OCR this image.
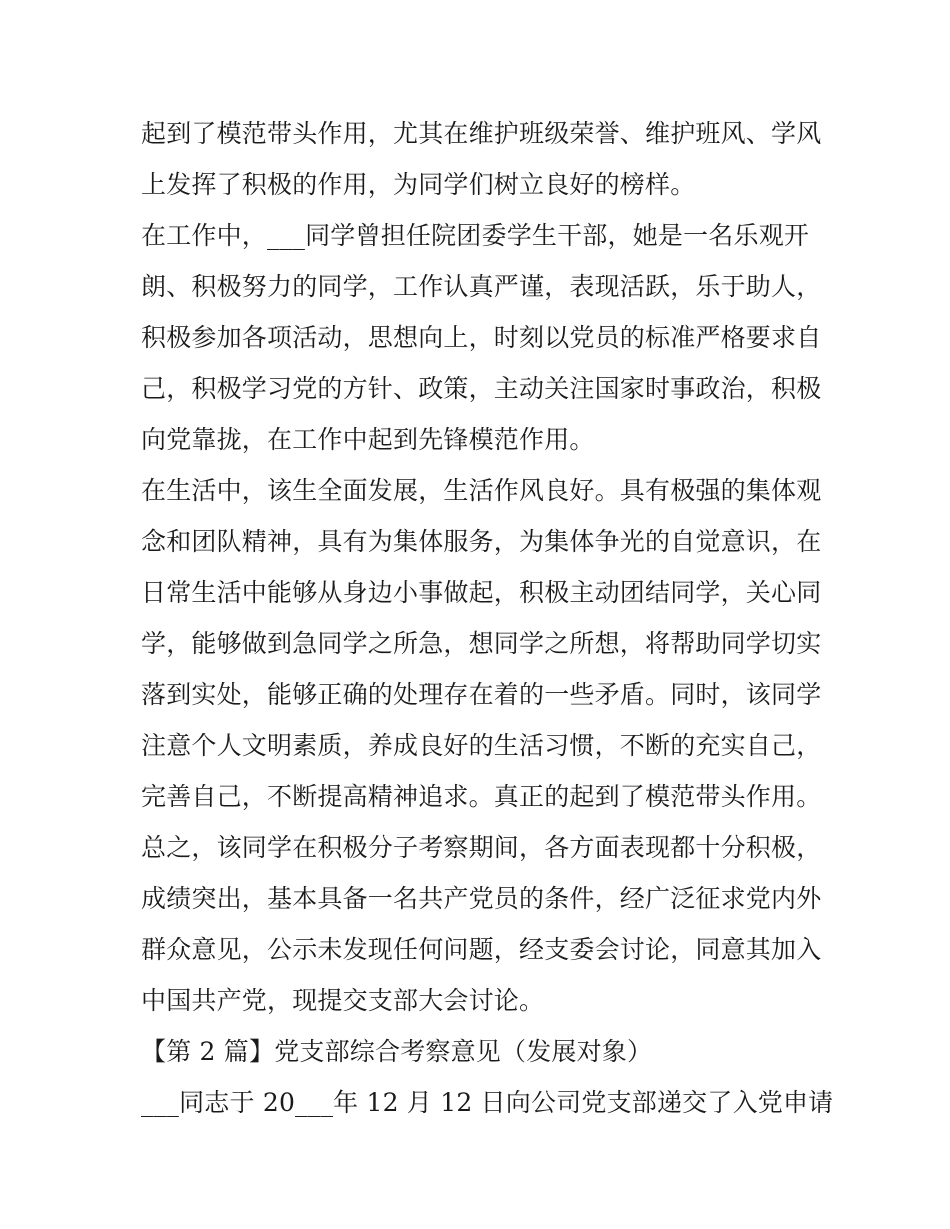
起到了模范带头作用，尤其在维护班级荣誉、维护班风、学风
上发挥了积极的作用，为同学们树立良好的榜样。
在工作中，___同学曾担任院团委学生干部，她是一名乐观开
朗、积极努力的同学，工作认真严谨，表现活跃，乐于助人，
积极参加各项活动，思想向上，时刻以党员的标准严格要求自
己，积极学习党的方针、政策，主动关注国家时事政治，积极
向党靠拢，在工作中起到先锋模范作用。
在生活中，该生全面发展，生活作风良好。具有极强的集体观
念和团队精神，具有为集体服务，为集体争光的自觉意识，在
日常生活中能够从身边小事做起，积极主动团结同学，关心同
学，能够做到急同学之所急，想同学之所想，将帮助同学切实
落到实处，能够正确的处理存在着的一些矛盾。同时，该同学
注意个人文明素质，养成良好的生活习惯，不断的充实自己，
完善自己，不断提高精神追求。真正的起到了模范带头作用。
总之，该同学在积极分子考察期间，各方面表现都十分积极，
成绩突出，基本具备一名共产党员的条件，经广泛征求党内外
群众意见，公示未发现任何问题，经支委会讨论，同意其加入
中国共产党，现提交支部大会讨论。
【第 2 篇】党支部综合考察意见（发展对象）
___同志于 20___年 12 月 12 日向公司党支部递交了入党申请
